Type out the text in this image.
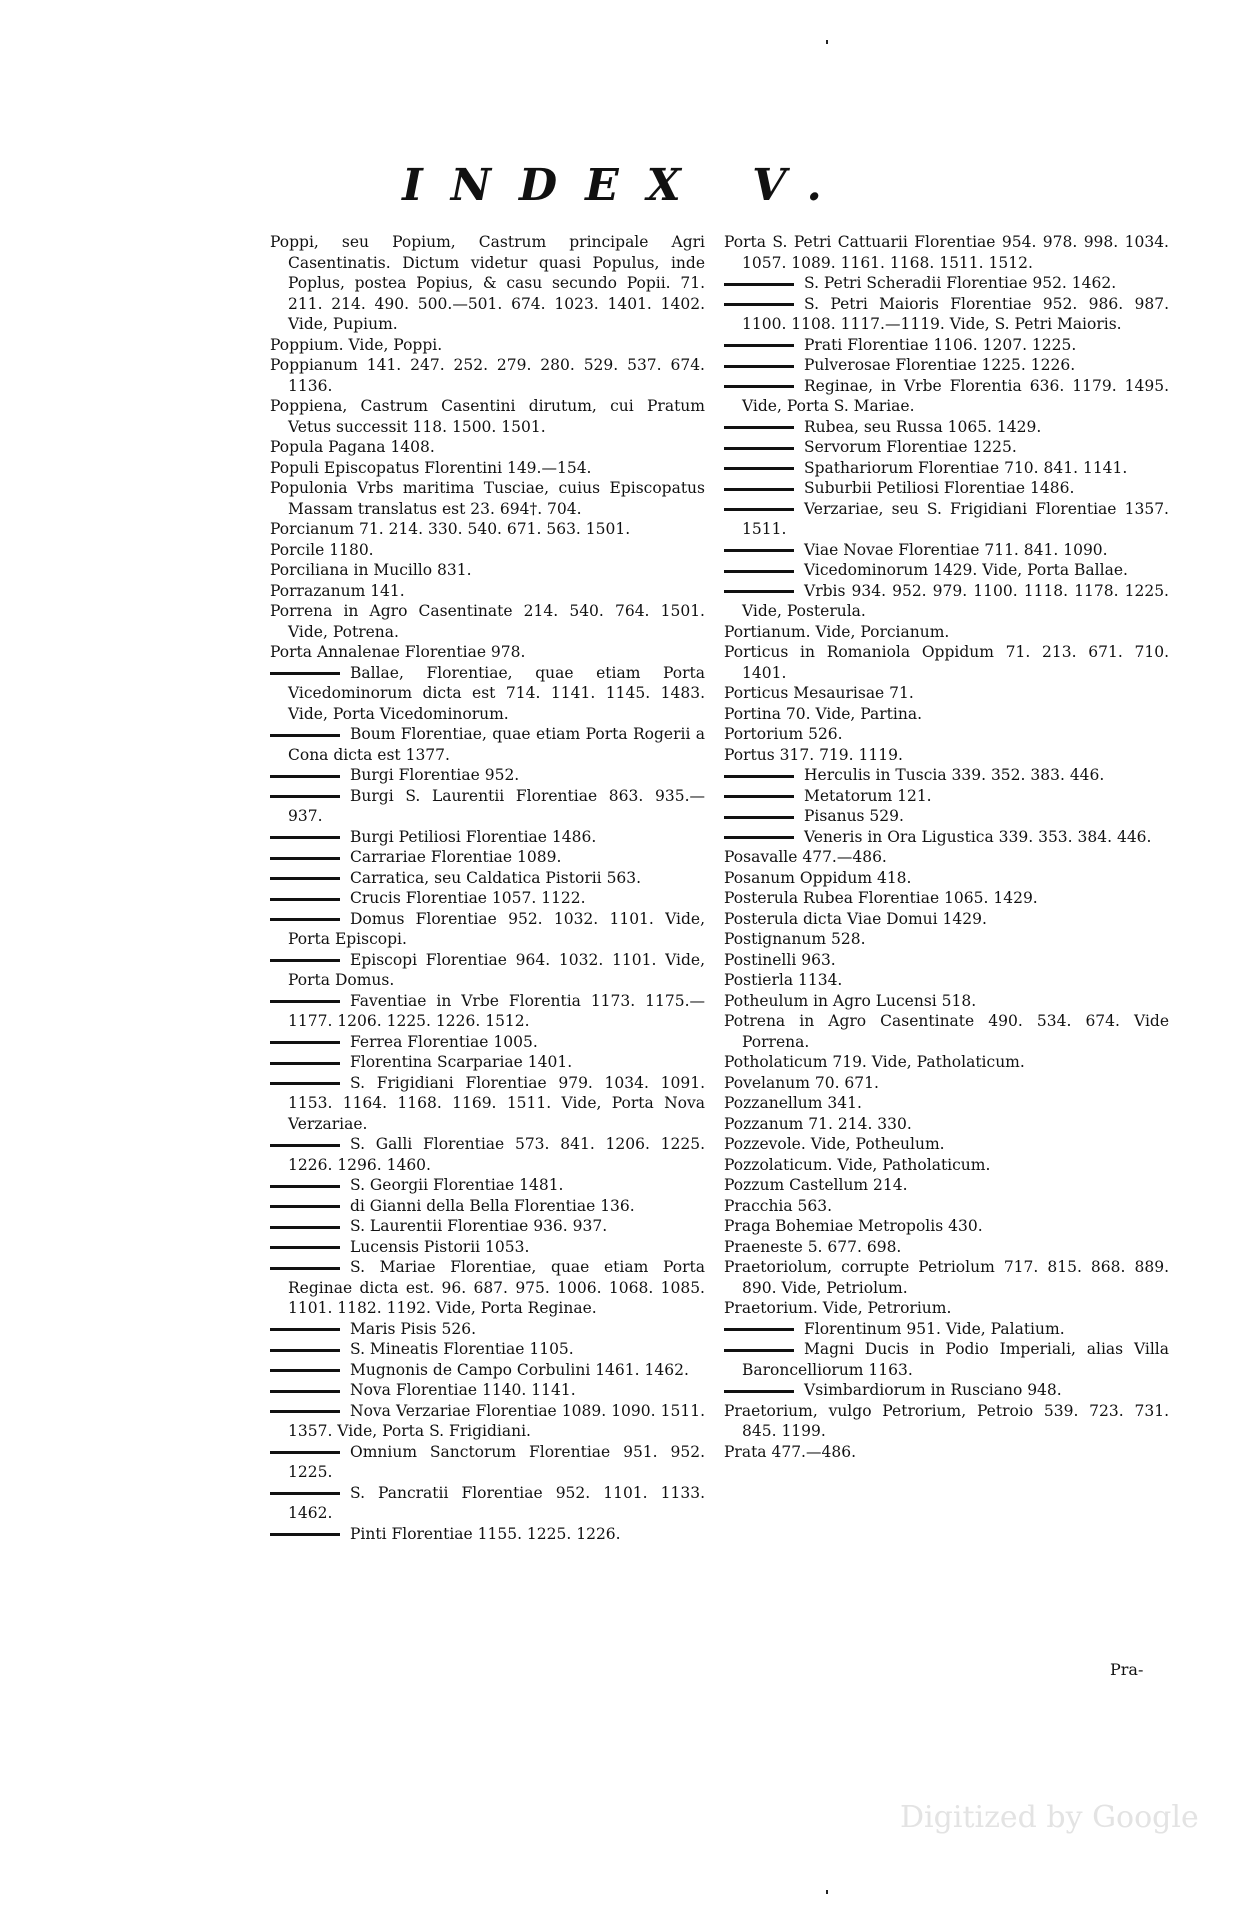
INDEX V.

Poppi, seu Popium, Castrum principale Agri Casentinatis. Dictum videtur quasi Populus, inde Poplus, postea Popius, & casu secundo Popii. 71. 211. 214. 490. 500.—501. 674. 1023. 1401. 1402. Vide, Pupium.

Poppium. Vide, Poppi.

Poppianum 141. 247. 252. 279. 280. 529. 537. 674. 1136.

Poppiena, Castrum Casentini dirutum, cui Pratum Vetus successit 118. 1500. 1501.

Popula Pagana 1408.

Populi Episcopatus Florentini 149.—154.

Populonia Vrbs maritima Tusciae, cuius Episcopatus Massam translatus est 23. 694†. 704.

Porcianum 71. 214. 330. 540. 671. 563. 1501.

Porcile 1180.

Porciliana in Mucillo 831.

Porrazanum 141.

Porrena in Agro Casentinate 214. 540. 764. 1501. Vide, Potrena.

Porta Annalenae Florentiae 978.

Ballae, Florentiae, quae etiam Porta Vicedominorum dicta est 714. 1141. 1145. 1483. Vide, Porta Vicedominorum.

Boum Florentiae, quae etiam Porta Rogerii a Cona dicta est 1377.

Burgi Florentiae 952.

Burgi S. Laurentii Florentiae 863. 935.—937.

Burgi Petiliosi Florentiae 1486.

Carrariae Florentiae 1089.

Carratica, seu Caldatica Pistorii 563.

Crucis Florentiae 1057. 1122.

Domus Florentiae 952. 1032. 1101. Vide, Porta Episcopi.

Episcopi Florentiae 964. 1032. 1101. Vide, Porta Domus.

Faventiae in Vrbe Florentia 1173. 1175.—1177. 1206. 1225. 1226. 1512.

Ferrea Florentiae 1005.

Florentina Scarpariae 1401.

S. Frigidiani Florentiae 979. 1034. 1091. 1153. 1164. 1168. 1169. 1511. Vide, Porta Nova Verzariae.

S. Galli Florentiae 573. 841. 1206. 1225. 1226. 1296. 1460.

S. Georgii Florentiae 1481.

di Gianni della Bella Florentiae 136.

S. Laurentii Florentiae 936. 937.

Lucensis Pistorii 1053.

S. Mariae Florentiae, quae etiam Porta Reginae dicta est. 96. 687. 975. 1006. 1068. 1085. 1101. 1182. 1192. Vide, Porta Reginae.

Maris Pisis 526.

S. Mineatis Florentiae 1105.

Mugnonis de Campo Corbulini 1461. 1462.

Nova Florentiae 1140. 1141.

Nova Verzariae Florentiae 1089. 1090. 1511. 1357. Vide, Porta S. Frigidiani.

Omnium Sanctorum Florentiae 951. 952. 1225.

S. Pancratii Florentiae 952. 1101. 1133. 1462.

Pinti Florentiae 1155. 1225. 1226.

Porta S. Petri Cattuarii Florentiae 954. 978. 998. 1034. 1057. 1089. 1161. 1168. 1511. 1512.

S. Petri Scheradii Florentiae 952. 1462.

S. Petri Maioris Florentiae 952. 986. 987. 1100. 1108. 1117.—1119. Vide, S. Petri Maioris.

Prati Florentiae 1106. 1207. 1225.

Pulverosae Florentiae 1225. 1226.

Reginae, in Vrbe Florentia 636. 1179. 1495. Vide, Porta S. Mariae.

Rubea, seu Russa 1065. 1429.

Servorum Florentiae 1225.

Spathariorum Florentiae 710. 841. 1141.

Suburbii Petiliosi Florentiae 1486.

Verzariae, seu S. Frigidiani Florentiae 1357. 1511.

Viae Novae Florentiae 711. 841. 1090.

Vicedominorum 1429. Vide, Porta Ballae.

Vrbis 934. 952. 979. 1100. 1118. 1178. 1225. Vide, Posterula.

Portianum. Vide, Porcianum.

Porticus in Romaniola Oppidum 71. 213. 671. 710. 1401.

Porticus Mesaurisae 71.

Portina 70. Vide, Partina.

Portorium 526.

Portus 317. 719. 1119.

Herculis in Tuscia 339. 352. 383. 446.

Metatorum 121.

Pisanus 529.

Veneris in Ora Ligustica 339. 353. 384. 446.

Posavalle 477.—486.

Posanum Oppidum 418.

Posterula Rubea Florentiae 1065. 1429.

Posterula dicta Viae Domui 1429.

Postignanum 528.

Postinelli 963.

Postierla 1134.

Potheulum in Agro Lucensi 518.

Potrena in Agro Casentinate 490. 534. 674. Vide Porrena.

Potholaticum 719. Vide, Patholaticum.

Povelanum 70. 671.

Pozzanellum 341.

Pozzanum 71. 214. 330.

Pozzevole. Vide, Potheulum.

Pozzolaticum. Vide, Patholaticum.

Pozzum Castellum 214.

Pracchia 563.

Praga Bohemiae Metropolis 430.

Praeneste 5. 677. 698.

Praetoriolum, corrupte Petriolum 717. 815. 868. 889. 890. Vide, Petriolum.

Praetorium. Vide, Petrorium.

Florentinum 951. Vide, Palatium.

Magni Ducis in Podio Imperiali, alias Villa Baroncelliorum 1163.

Vsimbardiorum in Rusciano 948.

Praetorium, vulgo Petrorium, Petroio 539. 723. 731. 845. 1199.

Prata 477.—486.

Pra-
Digitized by Google
